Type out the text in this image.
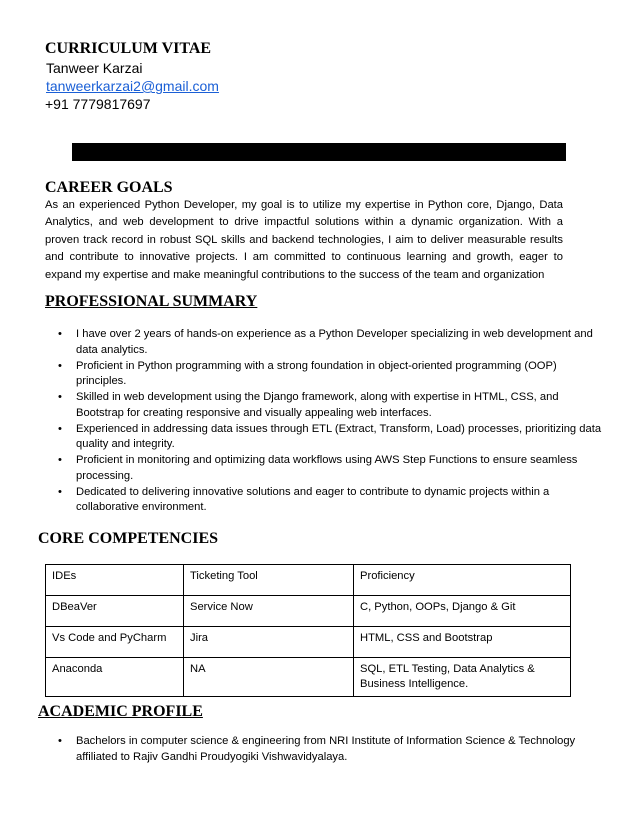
CURRICULUM VITAE
Tanweer Karzai
tanweerkarzai2@gmail.com
+91 7779817697
CAREER GOALS
As an experienced Python Developer, my goal is to utilize my expertise in Python core, Django, Data Analytics, and web development to drive impactful solutions within a dynamic organization. With a proven track record in robust SQL skills and backend technologies, I aim to deliver measurable results and contribute to innovative projects. I am committed to continuous learning and growth, eager to expand my expertise and make meaningful contributions to the success of the team and organization
PROFESSIONAL SUMMARY
• I have over 2 years of hands-on experience as a Python Developer specializing in web development and data analytics.
• Proficient in Python programming with a strong foundation in object-oriented programming (OOP) principles.
• Skilled in web development using the Django framework, along with expertise in HTML, CSS, and Bootstrap for creating responsive and visually appealing web interfaces.
• Experienced in addressing data issues through ETL (Extract, Transform, Load) processes, prioritizing data quality and integrity.
• Proficient in monitoring and optimizing data workflows using AWS Step Functions to ensure seamless processing.
• Dedicated to delivering innovative solutions and eager to contribute to dynamic projects within a collaborative environment.
CORE COMPETENCIES
IDEs	Ticketing Tool	Proficiency
DBeaVer	Service Now	C, Python, OOPs, Django & Git
Vs Code and PyCharm	Jira	HTML, CSS and Bootstrap
Anaconda	NA	SQL, ETL Testing, Data Analytics & Business Intelligence.
ACADEMIC PROFILE
• Bachelors in computer science & engineering from NRI Institute of Information Science & Technology affiliated to Rajiv Gandhi Proudyogiki Vishwavidyalaya.
